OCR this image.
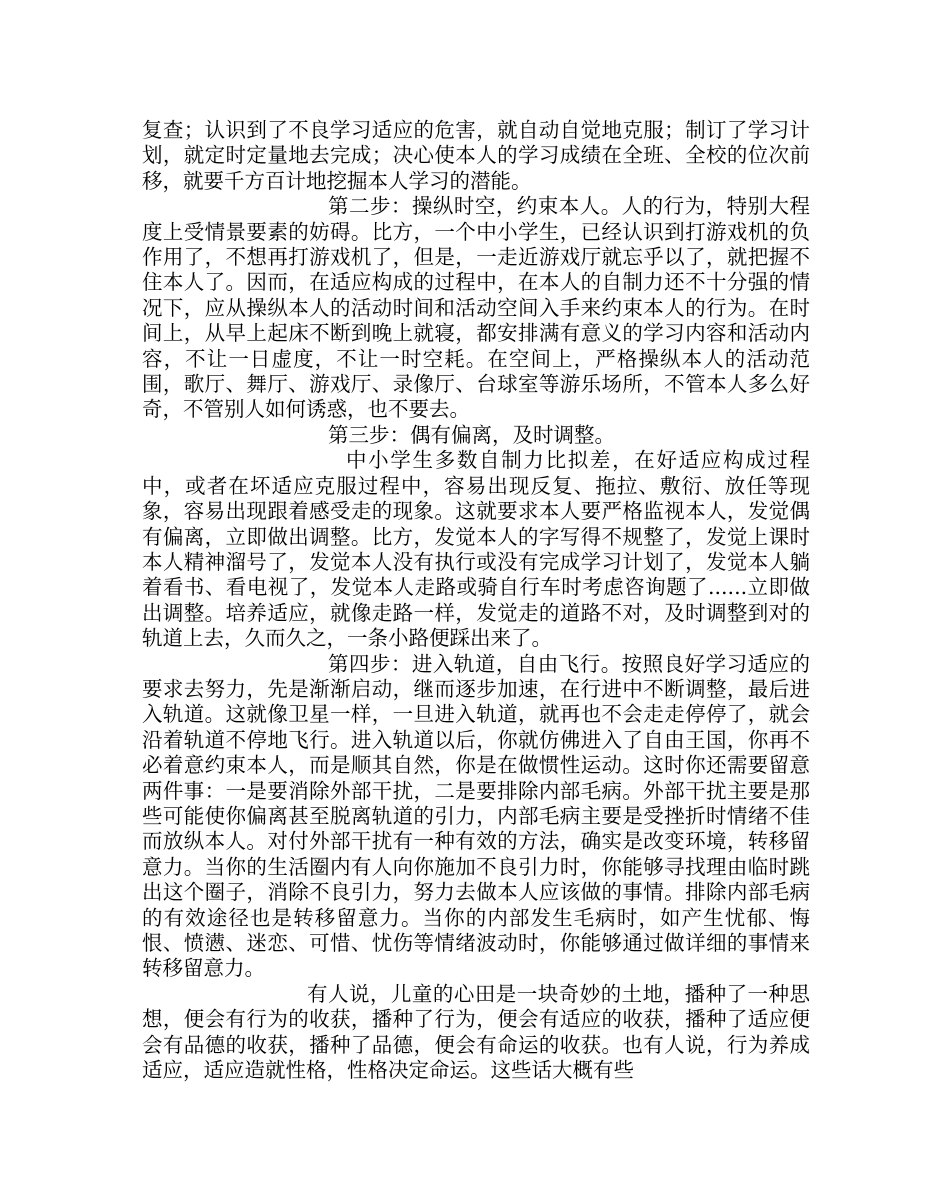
复查；认识到了不良学习适应的危害，就自动自觉地克服；制订了学习计划，就定时定量地去完成；决心使本人的学习成绩在全班、全校的位次前移，就要千方百计地挖掘本人学习的潜能。

第二步：操纵时空，约束本人。人的行为，特别大程度上受情景要素的妨碍。比方，一个中小学生，已经认识到打游戏机的负作用了，不想再打游戏机了，但是，一走近游戏厅就忘乎以了，就把握不住本人了。因而，在适应构成的过程中，在本人的自制力还不十分强的情况下，应从操纵本人的活动时间和活动空间入手来约束本人的行为。在时间上，从早上起床不断到晚上就寝，都安排满有意义的学习内容和活动内容，不让一日虚度，不让一时空耗。在空间上，严格操纵本人的活动范围，歌厅、舞厅、游戏厅、录像厅、台球室等游乐场所，不管本人多么好奇，不管别人如何诱惑，也不要去。

第三步：偶有偏离，及时调整。

中小学生多数自制力比拟差，在好适应构成过程中，或者在坏适应克服过程中，容易出现反复、拖拉、敷衍、放任等现象，容易出现跟着感受走的现象。这就要求本人要严格监视本人，发觉偶有偏离，立即做出调整。比方，发觉本人的字写得不规整了，发觉上课时本人精神溜号了，发觉本人没有执行或没有完成学习计划了，发觉本人躺着看书、看电视了，发觉本人走路或骑自行车时考虑咨询题了......立即做出调整。培养适应，就像走路一样，发觉走的道路不对，及时调整到对的轨道上去，久而久之，一条小路便踩出来了。

第四步：进入轨道，自由飞行。按照良好学习适应的要求去努力，先是渐渐启动，继而逐步加速，在行进中不断调整，最后进入轨道。这就像卫星一样，一旦进入轨道，就再也不会走走停停了，就会沿着轨道不停地飞行。进入轨道以后，你就仿佛进入了自由王国，你再不必着意约束本人，而是顺其自然，你是在做惯性运动。这时你还需要留意两件事：一是要消除外部干扰，二是要排除内部毛病。外部干扰主要是那些可能使你偏离甚至脱离轨道的引力，内部毛病主要是受挫折时情绪不佳而放纵本人。对付外部干扰有一种有效的方法，确实是改变环境，转移留意力。当你的生活圈内有人向你施加不良引力时，你能够寻找理由临时跳出这个圈子，消除不良引力，努力去做本人应该做的事情。排除内部毛病的有效途径也是转移留意力。当你的内部发生毛病时，如产生忧郁、悔恨、愤懑、迷恋、可惜、忧伤等情绪波动时，你能够通过做详细的事情来转移留意力。

有人说，儿童的心田是一块奇妙的土地，播种了一种思想，便会有行为的收获，播种了行为，便会有适应的收获，播种了适应便会有品德的收获，播种了品德，便会有命运的收获。也有人说，行为养成适应，适应造就性格，性格决定命运。这些话大概有些
